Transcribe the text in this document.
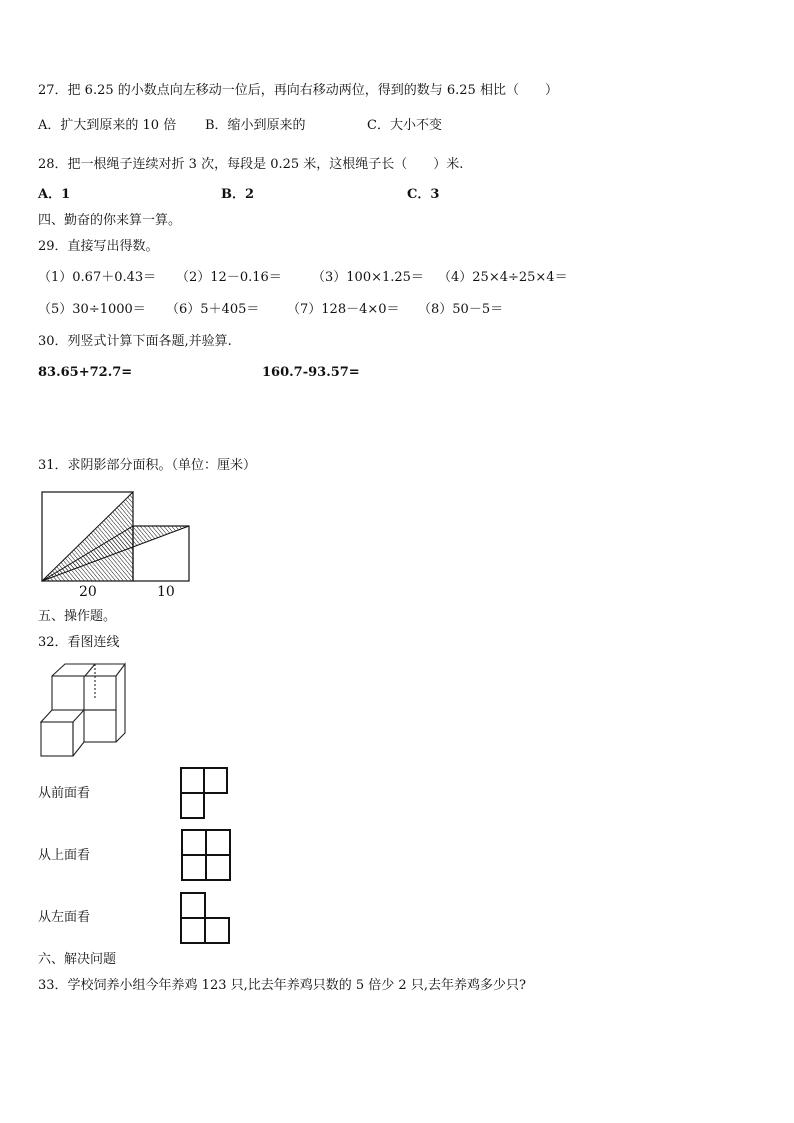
27．把 6.25 的小数点向左移动一位后，再向右移动两位，得到的数与 6.25 相比（　　）
A．扩大到原来的 10 倍 B．缩小到原来的	C．大小不变
28．把一根绳子连续对折 3 次，每段是 0.25 米，这根绳子长（　　）米.
A．1	B．2	C．3
四、勤奋的你来算一算。
29．直接写出得数。
（1）0.67＋0.43＝ （2）12－0.16＝ （3）100×1.25＝ （4）25×4÷25×4＝
（5）30÷1000＝ （6）5＋405＝ （7）128－4×0＝ （8）50－5＝
30．列竖式计算下面各题,并验算.
83.65+72.7=	160.7-93.57=
31．求阴影部分面积。（单位：厘米）
20	10
五、操作题。
32．看图连线
从前面看
从上面看
从左面看
六、解决问题
33．学校饲养小组今年养鸡 123 只,比去年养鸡只数的 5 倍少 2 只,去年养鸡多少只?
